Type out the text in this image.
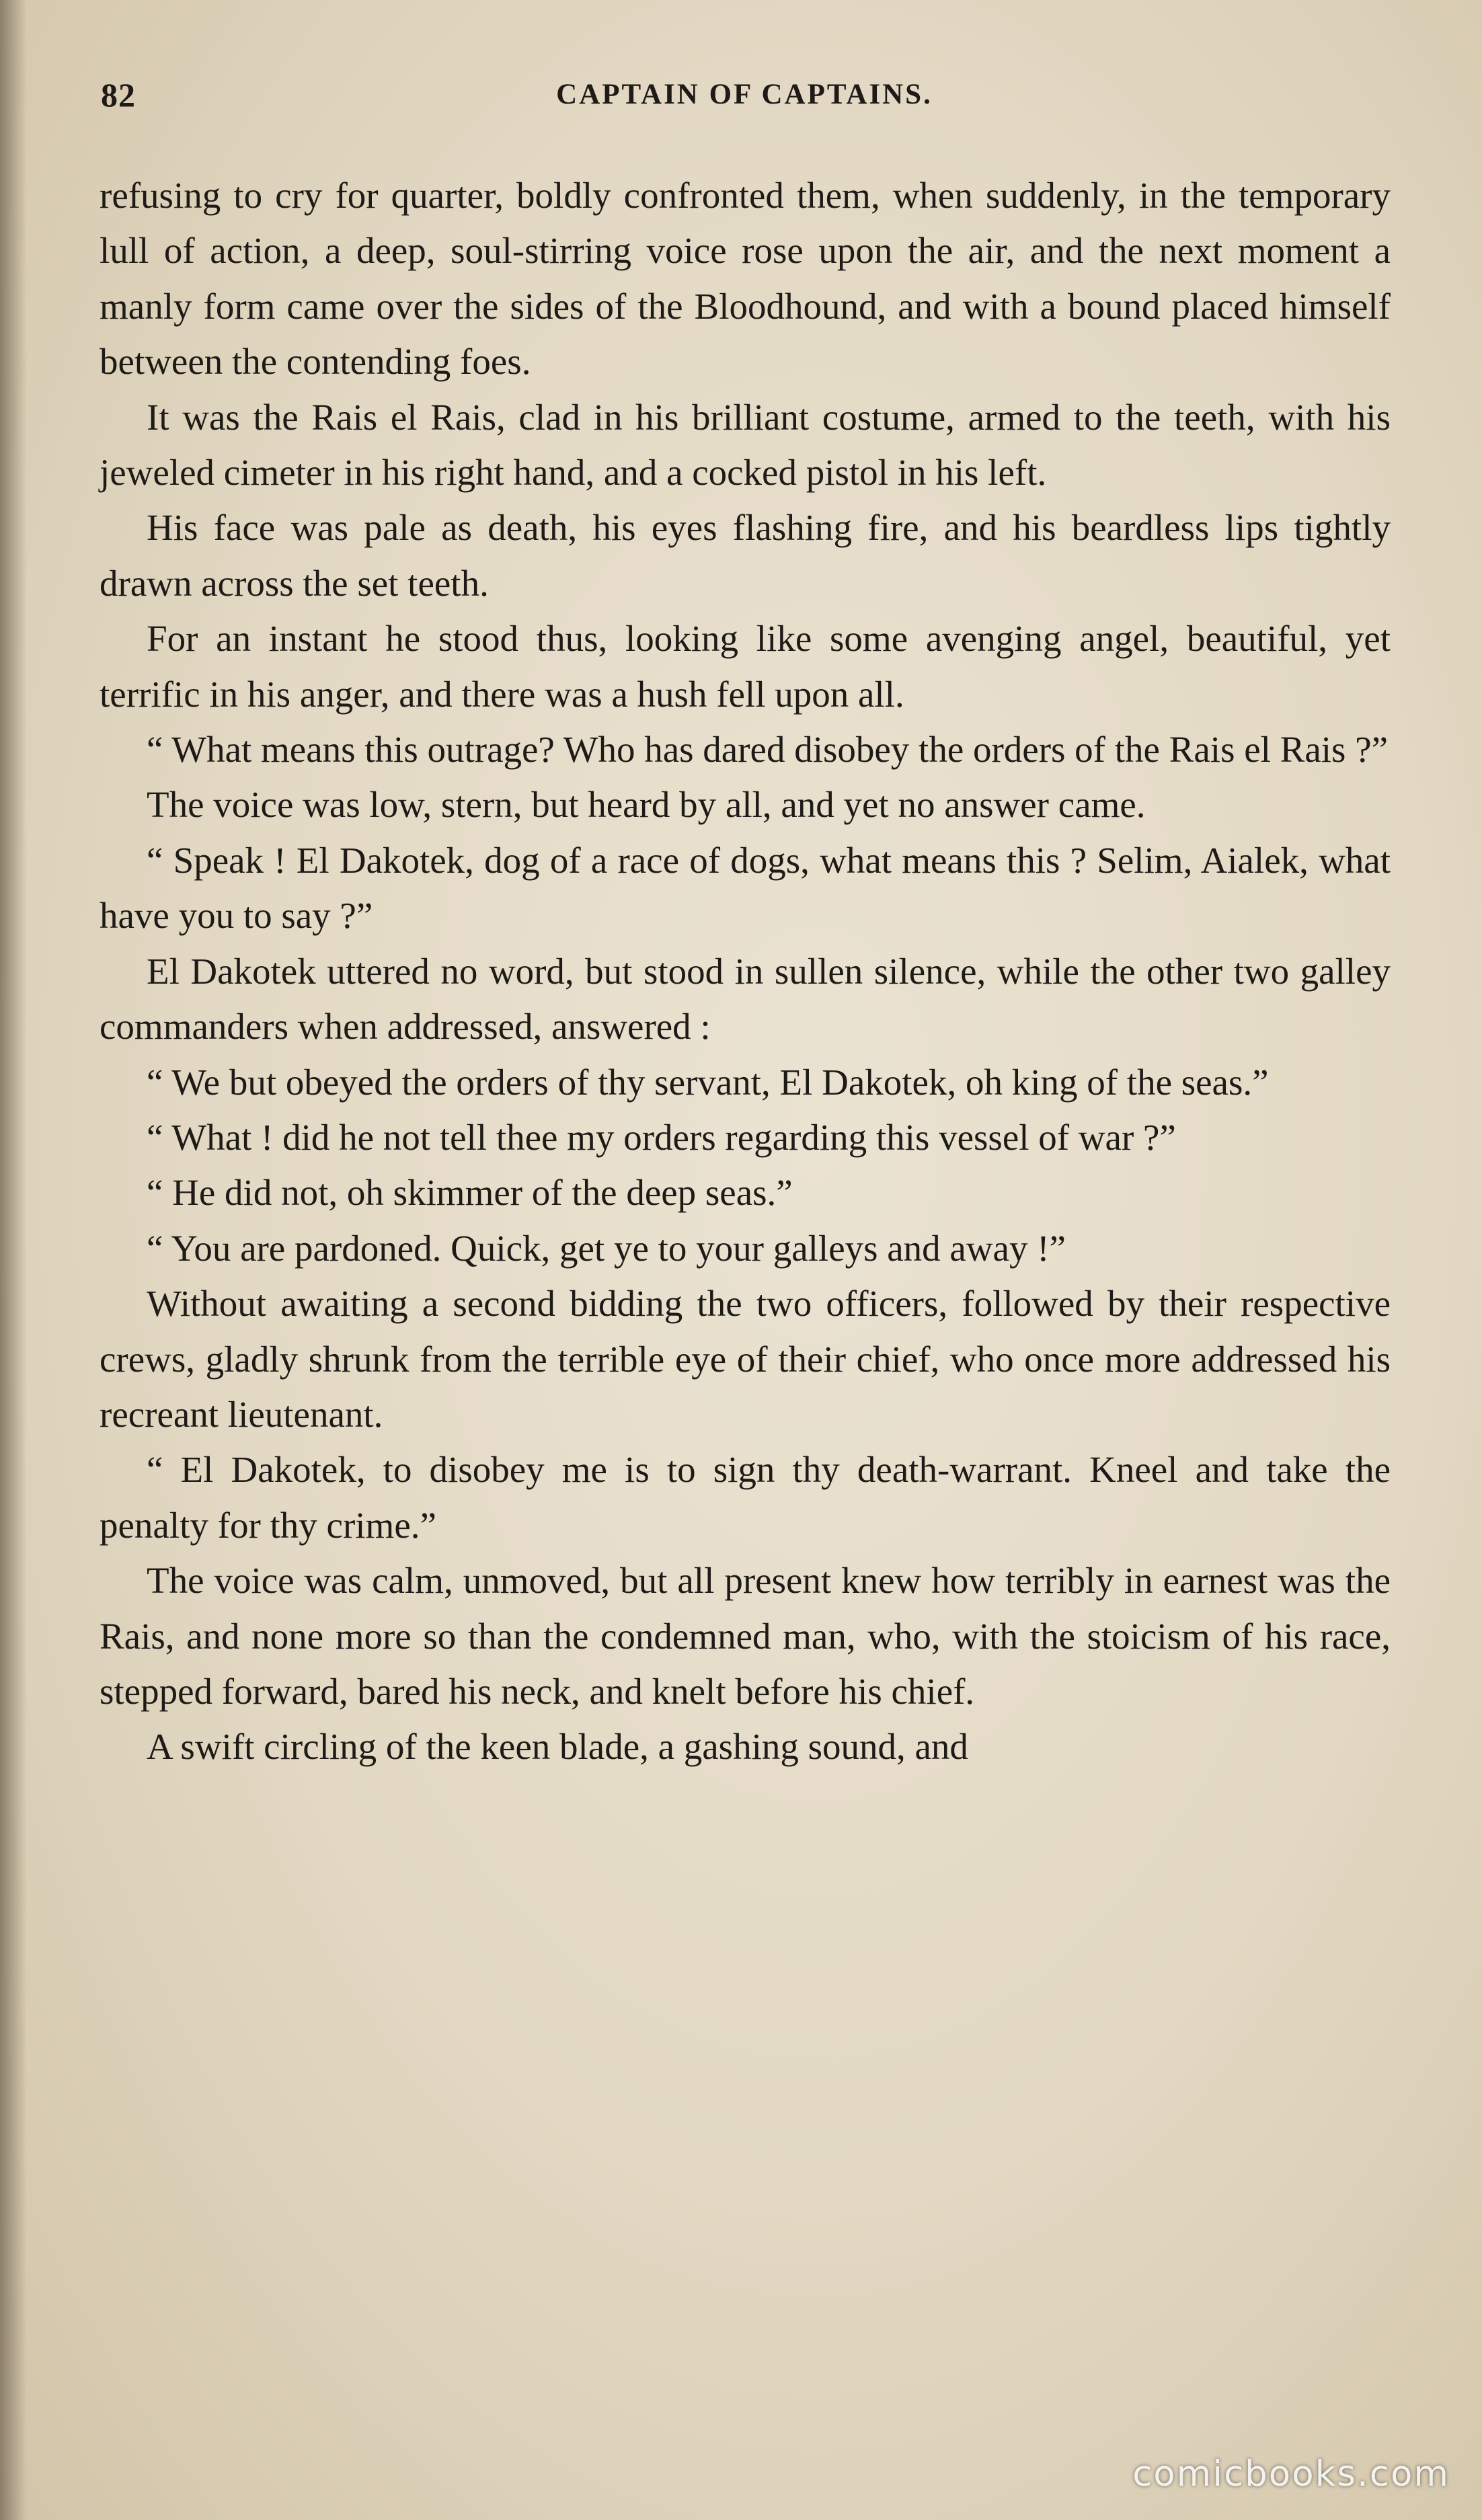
82	CAPTAIN OF CAPTAINS.

refusing to cry for quarter, boldly confronted them, when suddenly, in the temporary lull of action, a deep, soul-stirring voice rose upon the air, and the next moment a manly form came over the sides of the Bloodhound, and with a bound placed himself between the contending foes.

It was the Rais el Rais, clad in his brilliant costume, armed to the teeth, with his jeweled cimeter in his right hand, and a cocked pistol in his left.

His face was pale as death, his eyes flashing fire, and his beardless lips tightly drawn across the set teeth.

For an instant he stood thus, looking like some avenging angel, beautiful, yet terrific in his anger, and there was a hush fell upon all.

“ What means this outrage? Who has dared disobey the orders of the Rais el Rais ?”

The voice was low, stern, but heard by all, and yet no answer came.

“ Speak ! El Dakotek, dog of a race of dogs, what means this ? Selim, Aialek, what have you to say ?”

El Dakotek uttered no word, but stood in sullen silence, while the other two galley commanders when addressed, answered :

“ We but obeyed the orders of thy servant, El Dakotek, oh king of the seas.”

“ What ! did he not tell thee my orders regarding this vessel of war ?”

“ He did not, oh skimmer of the deep seas.”

“ You are pardoned. Quick, get ye to your galleys and away !”

Without awaiting a second bidding the two officers, followed by their respective crews, gladly shrunk from the terrible eye of their chief, who once more addressed his recreant lieutenant.

“ El Dakotek, to disobey me is to sign thy death-warrant. Kneel and take the penalty for thy crime.”

The voice was calm, unmoved, but all present knew how terribly in earnest was the Rais, and none more so than the condemned man, who, with the stoicism of his race, stepped forward, bared his neck, and knelt before his chief.

A swift circling of the keen blade, a gashing sound, and

comicbooks.com
